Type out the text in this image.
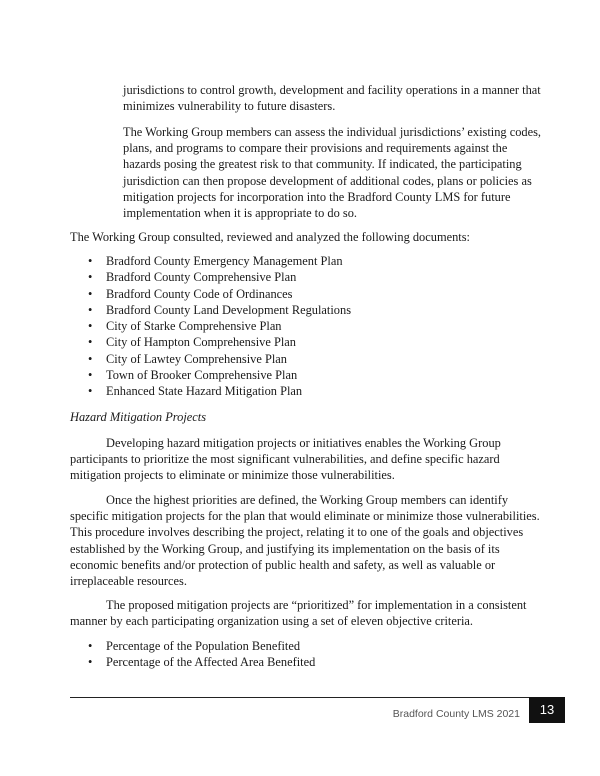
jurisdictions to control growth, development and facility operations in a manner that minimizes vulnerability to future disasters.

The Working Group members can assess the individual jurisdictions’ existing codes, plans, and programs to compare their provisions and requirements against the hazards posing the greatest risk to that community. If indicated, the participating jurisdiction can then propose development of additional codes, plans or policies as mitigation projects for incorporation into the Bradford County LMS for future implementation when it is appropriate to do so.

The Working Group consulted, reviewed and analyzed the following documents:

• Bradford County Emergency Management Plan
• Bradford County Comprehensive Plan
• Bradford County Code of Ordinances
• Bradford County Land Development Regulations
• City of Starke Comprehensive Plan
• City of Hampton Comprehensive Plan
• City of Lawtey Comprehensive Plan
• Town of Brooker Comprehensive Plan
• Enhanced State Hazard Mitigation Plan

Hazard Mitigation Projects

Developing hazard mitigation projects or initiatives enables the Working Group participants to prioritize the most significant vulnerabilities, and define specific hazard mitigation projects to eliminate or minimize those vulnerabilities.

Once the highest priorities are defined, the Working Group members can identify specific mitigation projects for the plan that would eliminate or minimize those vulnerabilities. This procedure involves describing the project, relating it to one of the goals and objectives established by the Working Group, and justifying its implementation on the basis of its economic benefits and/or protection of public health and safety, as well as valuable or irreplaceable resources.

The proposed mitigation projects are “prioritized” for implementation in a consistent manner by each participating organization using a set of eleven objective criteria.

• Percentage of the Population Benefited
• Percentage of the Affected Area Benefited
Bradford County LMS 2021	13
